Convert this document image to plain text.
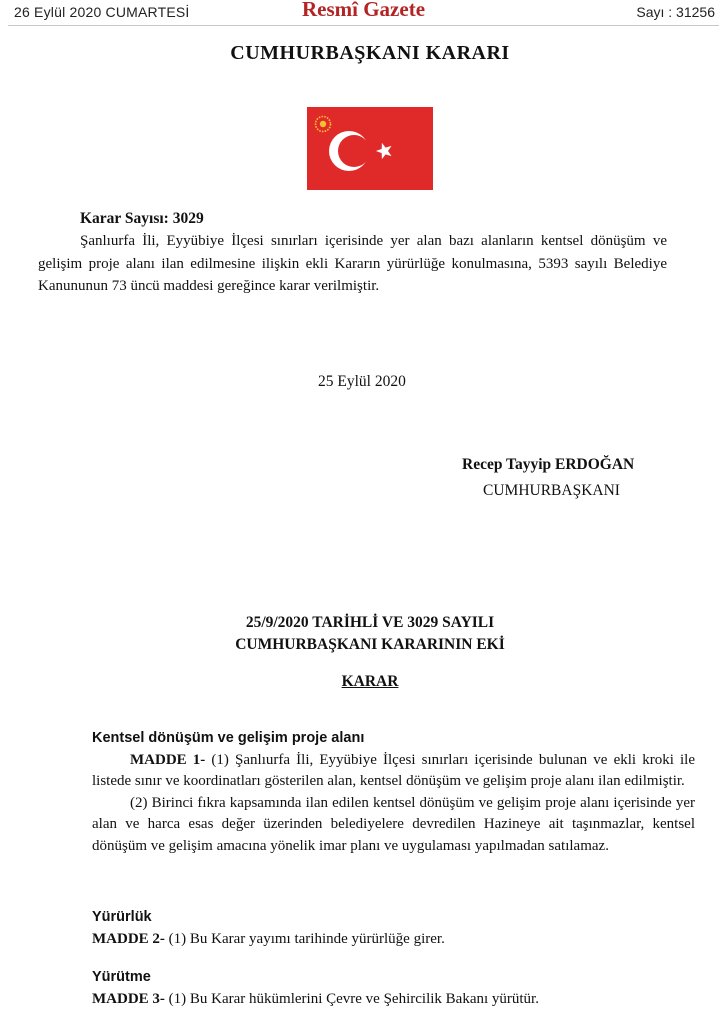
26 Eylül 2020 CUMARTESİ	Resmî Gazete	Sayı : 31256
CUMHURBAŞKANI KARARI
Karar Sayısı: 3029

Şanlıurfa İli, Eyyübiye İlçesi sınırları içerisinde yer alan bazı alanların kentsel dönüşüm ve gelişim proje alanı ilan edilmesine ilişkin ekli Kararın yürürlüğe konulmasına, 5393 sayılı Belediye Kanununun 73 üncü maddesi gereğince karar verilmiştir.

25 Eylül 2020
Recep Tayyip ERDOĞAN
CUMHURBAŞKANI
25/9/2020 TARİHLİ VE 3029 SAYILI
CUMHURBAŞKANI KARARININ EKİ
KARAR
Kentsel dönüşüm ve gelişim proje alanı

MADDE 1- (1) Şanlıurfa İli, Eyyübiye İlçesi sınırları içerisinde bulunan ve ekli kroki ile listede sınır ve koordinatları gösterilen alan, kentsel dönüşüm ve gelişim proje alanı ilan edilmiştir.

(2) Birinci fıkra kapsamında ilan edilen kentsel dönüşüm ve gelişim proje alanı içerisinde yer alan ve harca esas değer üzerinden belediyelere devredilen Hazineye ait taşınmazlar, kentsel dönüşüm ve gelişim amacına yönelik imar planı ve uygulaması yapılmadan satılamaz.

Yürürlük

MADDE 2- (1) Bu Karar yayımı tarihinde yürürlüğe girer.

Yürütme

MADDE 3- (1) Bu Karar hükümlerini Çevre ve Şehircilik Bakanı yürütür.
